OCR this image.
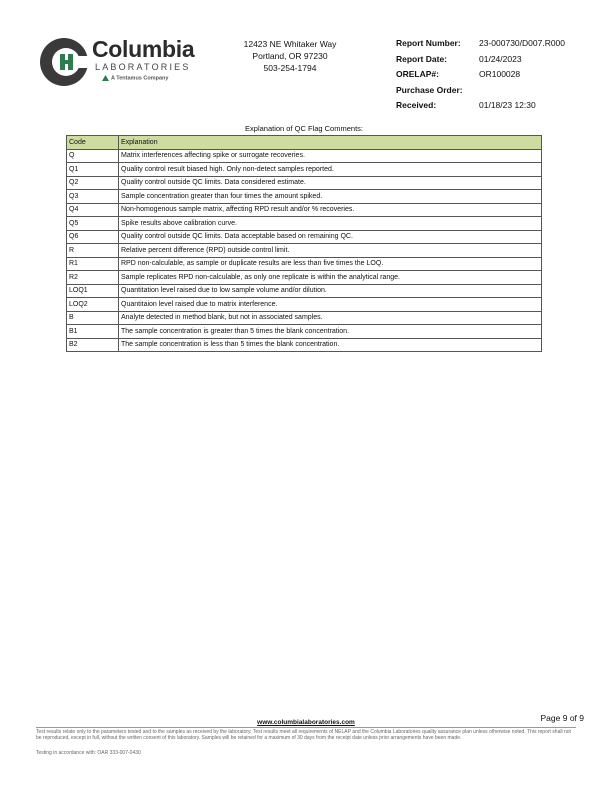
Columbia
LABORATORIES
A Tentamus Company
12423 NE Whitaker Way
Portland, OR 97230
503-254-1794
Report Number: 23-000730/D007.R000
Report Date:	01/24/2023
ORELAP#:	OR100028
Purchase Order:
Received:	01/18/23 12:30
Explanation of QC Flag Comments:
Code	Explanation
Q	Matrix interferences affecting spike or surrogate recoveries.
Q1	Quality control result biased high. Only non-detect samples reported.
Q2	Quality control outside QC limits. Data considered estimate.
Q3	Sample concentration greater than four times the amount spiked.
Q4	Non-homogenous sample matrix, affecting RPD result and/or % recoveries.
Q5	Spike results above calibration curve.
Q6	Quality control outside QC limits. Data acceptable based on remaining QC.
R	Relative percent difference (RPD) outside control limit.
R1	RPD non-calculable, as sample or duplicate results are less than five times the LOQ.
R2	Sample replicates RPD non-calculable, as only one replicate is within the analytical range.
LOQ1	Quantitation level raised due to low sample volume and/or dilution.
LOQ2	Quantitaion level raised due to matrix interference.
B	Analyte detected in method blank, but not in associated samples.
B1	The sample concentration is greater than 5 times the blank concentration.
B2	The sample concentration is less than 5 times the blank concentration.
Page 9 of 9
www.columbialaboratories.com
Test results relate only to the parameters tested and to the samples as received by the laboratory. Test results meet all requirements of NELAP and the Columbia Laboratories quality assurance plan unless otherwise noted. This report shall not be reproduced, except in full, without the written consent of this laboratory. Samples will be retained for a maximum of 30 days from the receipt date unless prior arrangements have been made.
Testing in accordance with: OAR 333-007-0430
